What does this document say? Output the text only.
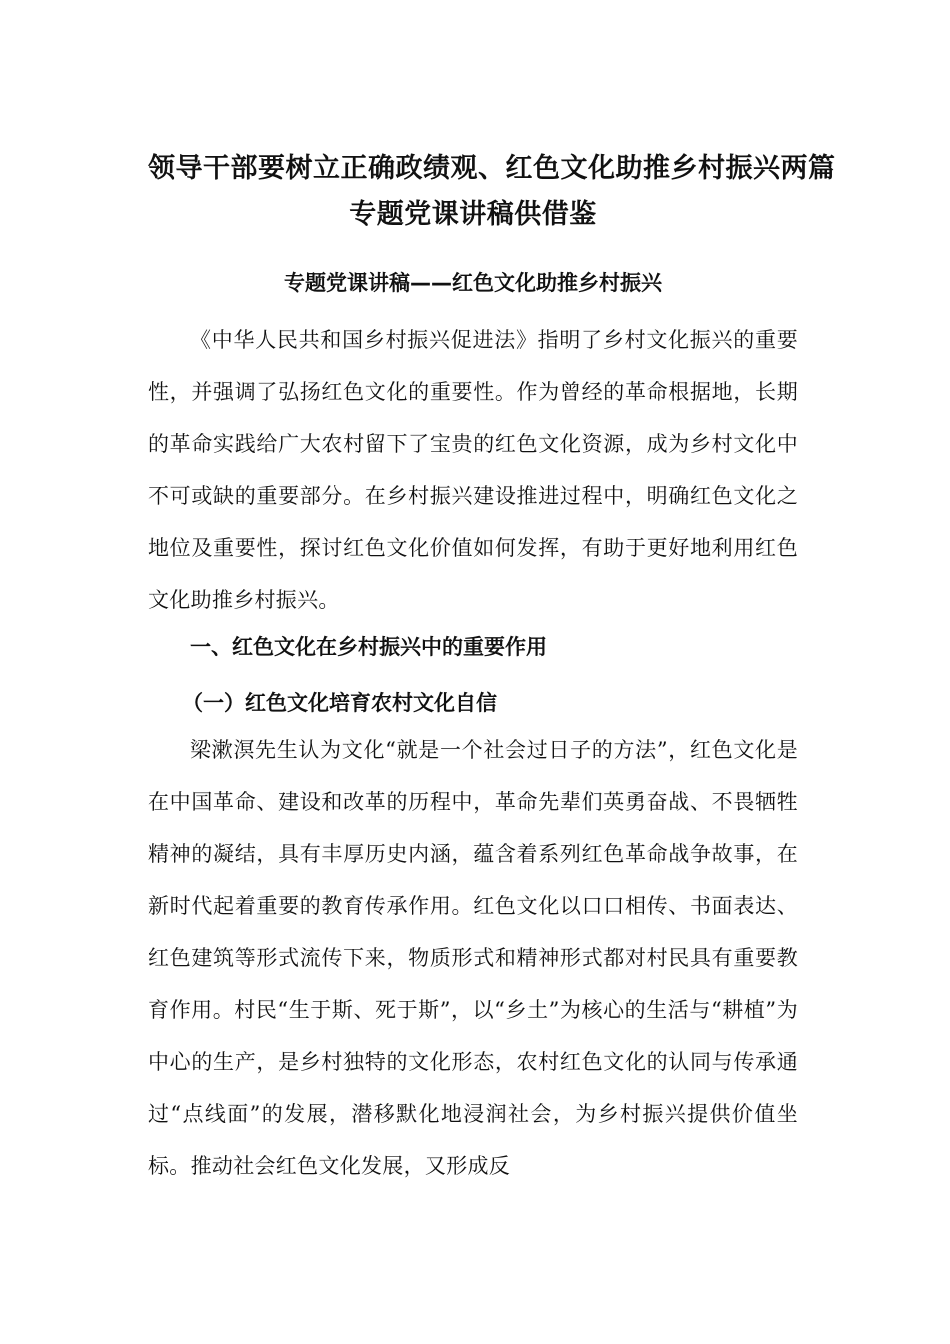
领导干部要树立正确政绩观、红色文化助推乡村振兴两篇
专题党课讲稿供借鉴
专题党课讲稿——红色文化助推乡村振兴

《中华人民共和国乡村振兴促进法》指明了乡村文化振兴的重要性，并强调了弘扬红色文化的重要性。作为曾经的革命根据地，长期的革命实践给广大农村留下了宝贵的红色文化资源，成为乡村文化中不可或缺的重要部分。在乡村振兴建设推进过程中，明确红色文化之地位及重要性，探讨红色文化价值如何发挥，有助于更好地利用红色文化助推乡村振兴。

一、红色文化在乡村振兴中的重要作用
（一）红色文化培育农村文化自信

梁漱溟先生认为文化“就是一个社会过日子的方法”，红色文化是在中国革命、建设和改革的历程中，革命先辈们英勇奋战、不畏牺牲精神的凝结，具有丰厚历史内涵，蕴含着系列红色革命战争故事，在新时代起着重要的教育传承作用。红色文化以口口相传、书面表达、红色建筑等形式流传下来，物质形式和精神形式都对村民具有重要教育作用。村民“生于斯、死于斯”，以“乡土”为核心的生活与“耕植”为中心的生产，是乡村独特的文化形态，农村红色文化的认同与传承通过“点线面”的发展，潜移默化地浸润社会，为乡村振兴提供价值坐标。推动社会红色文化发展，又形成反
